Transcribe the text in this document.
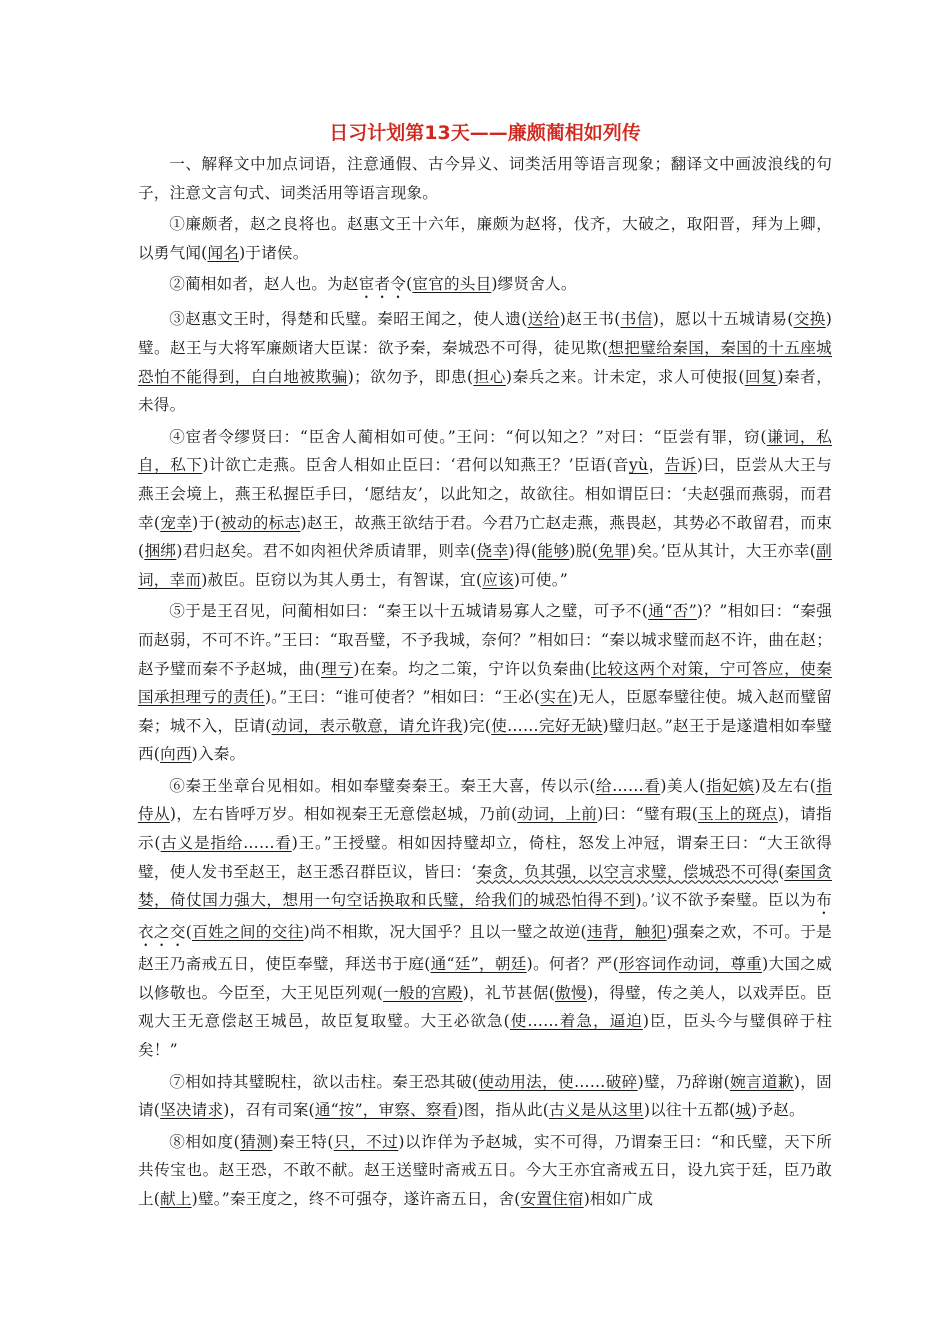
日习计划第13天——廉颇蔺相如列传
一、解释文中加点词语，注意通假、古今异义、词类活用等语言现象；翻译文中画波浪线的句子，注意文言句式、词类活用等语言现象。
①廉颇者，赵之良将也。赵惠文王十六年，廉颇为赵将，伐齐，大破之，取阳晋，拜为上卿，以勇气闻(闻名)于诸侯。
②蔺相如者，赵人也。为赵宦者令(宦官的头目)缪贤舍人。
③赵惠文王时，得楚和氏璧。秦昭王闻之，使人遗(送给)赵王书(书信)，愿以十五城请易(交换)璧。赵王与大将军廉颇诸大臣谋：欲予秦，秦城恐不可得，徒见欺(想把璧给秦国，秦国的十五座城恐怕不能得到，白白地被欺骗)；欲勿予，即患(担心)秦兵之来。计未定，求人可使报(回复)秦者，未得。
④宦者令缪贤曰：“臣舍人蔺相如可使。”王问：“何以知之？”对曰：“臣尝有罪，窃(谦词，私自，私下)计欲亡走燕。臣舍人相如止臣曰：‘君何以知燕王？’臣语(音yù，告诉)曰，臣尝从大王与燕王会境上，燕王私握臣手曰，‘愿结友’，以此知之，故欲往。相如谓臣曰：‘夫赵强而燕弱，而君幸(宠幸)于(被动的标志)赵王，故燕王欲结于君。今君乃亡赵走燕，燕畏赵，其势必不敢留君，而束(捆绑)君归赵矣。君不如肉袒伏斧质请罪，则幸(侥幸)得(能够)脱(免罪)矣。’臣从其计，大王亦幸(副词，幸而)赦臣。臣窃以为其人勇士，有智谋，宜(应该)可使。”
⑤于是王召见，问蔺相如曰：“秦王以十五城请易寡人之璧，可予不(通“否”)？”相如曰：“秦强而赵弱，不可不许。”王曰：“取吾璧，不予我城，奈何？”相如曰：“秦以城求璧而赵不许，曲在赵；赵予璧而秦不予赵城，曲(理亏)在秦。均之二策，宁许以负秦曲(比较这两个对策，宁可答应，使秦国承担理亏的责任)。”王曰：“谁可使者？”相如曰：“王必(实在)无人，臣愿奉璧往使。城入赵而璧留秦；城不入，臣请(动词，表示敬意，请允许我)完(使……完好无缺)璧归赵。”赵王于是遂遣相如奉璧西(向西)入秦。
⑥秦王坐章台见相如。相如奉璧奏秦王。秦王大喜，传以示(给……看)美人(指妃嫔)及左右(指侍从)，左右皆呼万岁。相如视秦王无意偿赵城，乃前(动词，上前)曰：“璧有瑕(玉上的斑点)，请指示(古义是指给……看)王。”王授璧。相如因持璧却立，倚柱，怒发上冲冠，谓秦王曰：“大王欲得璧，使人发书至赵王，赵王悉召群臣议，皆曰：‘秦贪，负其强，以空言求璧，偿城恐不可得(秦国贪婪，倚仗国力强大，想用一句空话换取和氏璧，给我们的城恐怕得不到)。’议不欲予秦璧。臣以为布衣之交(百姓之间的交往)尚不相欺，况大国乎？且以一璧之故逆(违背，触犯)强秦之欢，不可。于是赵王乃斋戒五日，使臣奉璧，拜送书于庭(通“廷”，朝廷)。何者？严(形容词作动词，尊重)大国之威以修敬也。今臣至，大王见臣列观(一般的宫殿)，礼节甚倨(傲慢)，得璧，传之美人，以戏弄臣。臣观大王无意偿赵王城邑，故臣复取璧。大王必欲急(使……着急，逼迫)臣，臣头今与璧俱碎于柱矣！”
⑦相如持其璧睨柱，欲以击柱。秦王恐其破(使动用法，使……破碎)璧，乃辞谢(婉言道歉)，固请(坚决请求)，召有司案(通“按”，审察、察看)图，指从此(古义是从这里)以往十五都(城)予赵。
⑧相如度(猜测)秦王特(只，不过)以诈佯为予赵城，实不可得，乃谓秦王曰：“和氏璧，天下所共传宝也。赵王恐，不敢不献。赵王送璧时斋戒五日。今大王亦宜斋戒五日，设九宾于廷，臣乃敢上(献上)璧。”秦王度之，终不可强夺，遂许斋五日，舍(安置住宿)相如广成
